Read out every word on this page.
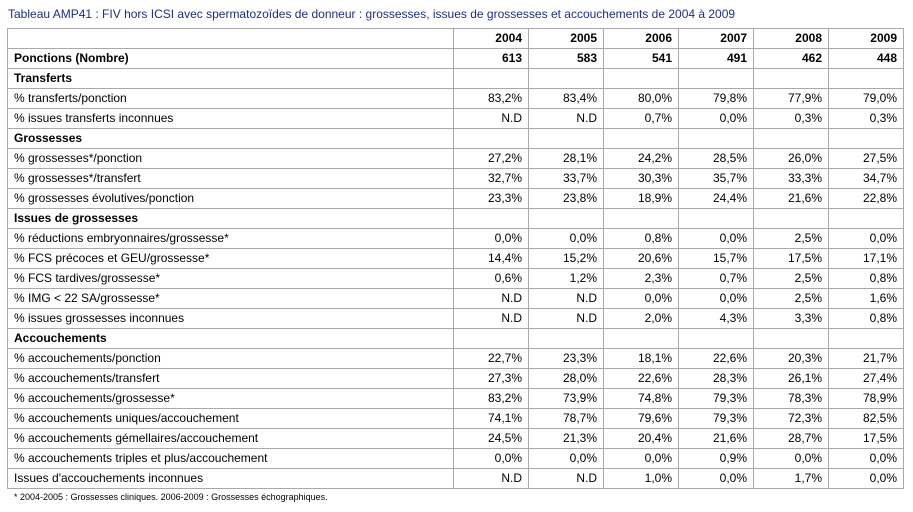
Tableau AMP41 : FIV hors ICSI avec spermatozoïdes de donneur : grossesses, issues de grossesses et accouchements de 2004 à 2009
	2004	2005	2006	2007	2008	2009
Ponctions (Nombre)	613	583	541	491	462	448
Transferts						
% transferts/ponction	83,2%	83,4%	80,0%	79,8%	77,9%	79,0%
% issues transferts inconnues	N.D	N.D	0,7%	0,0%	0,3%	0,3%
Grossesses						
% grossesses*/ponction	27,2%	28,1%	24,2%	28,5%	26,0%	27,5%
% grossesses*/transfert	32,7%	33,7%	30,3%	35,7%	33,3%	34,7%
% grossesses évolutives/ponction	23,3%	23,8%	18,9%	24,4%	21,6%	22,8%
Issues de grossesses						
% réductions embryonnaires/grossesse*	0,0%	0,0%	0,8%	0,0%	2,5%	0,0%
% FCS précoces et GEU/grossesse*	14,4%	15,2%	20,6%	15,7%	17,5%	17,1%
% FCS tardives/grossesse*	0,6%	1,2%	2,3%	0,7%	2,5%	0,8%
% IMG < 22 SA/grossesse*	N.D	N.D	0,0%	0,0%	2,5%	1,6%
% issues grossesses inconnues	N.D	N.D	2,0%	4,3%	3,3%	0,8%
Accouchements						
% accouchements/ponction	22,7%	23,3%	18,1%	22,6%	20,3%	21,7%
% accouchements/transfert	27,3%	28,0%	22,6%	28,3%	26,1%	27,4%
% accouchements/grossesse*	83,2%	73,9%	74,8%	79,3%	78,3%	78,9%
% accouchements uniques/accouchement	74,1%	78,7%	79,6%	79,3%	72,3%	82,5%
% accouchements gémellaires/accouchement	24,5%	21,3%	20,4%	21,6%	28,7%	17,5%
% accouchements triples et plus/accouchement	0,0%	0,0%	0,0%	0,9%	0,0%	0,0%
Issues d'accouchements inconnues	N.D	N.D	1,0%	0,0%	1,7%	0,0%
* 2004-2005 : Grossesses cliniques. 2006-2009 : Grossesses échographiques.
